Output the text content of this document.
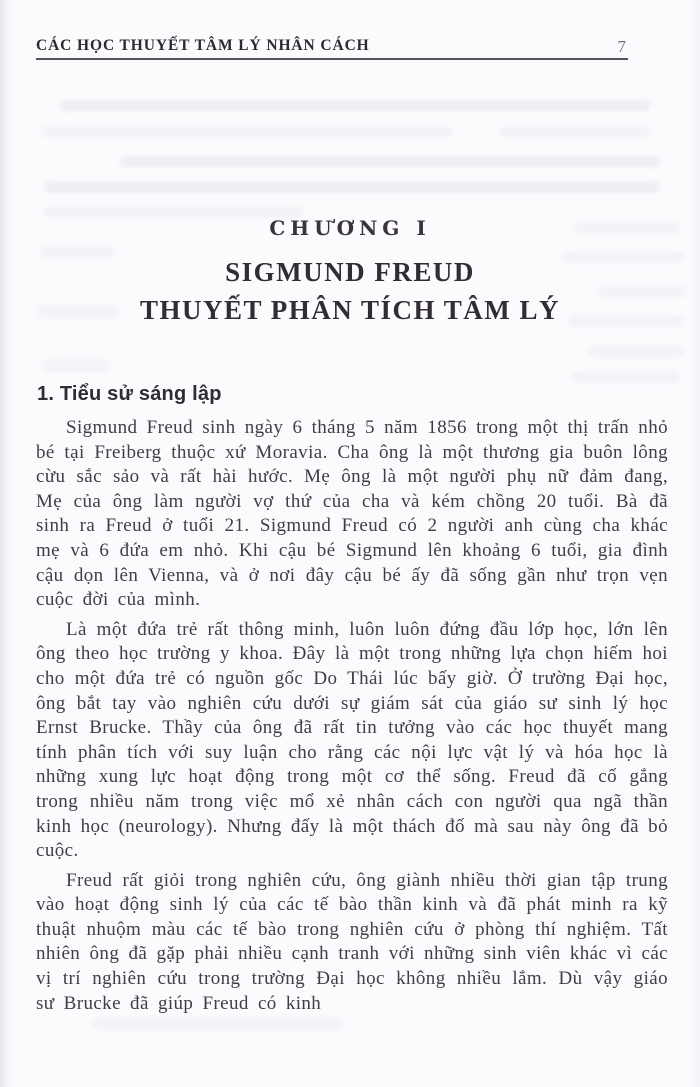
CÁC HỌC THUYẾT TÂM LÝ NHÂN CÁCH	7
CHƯƠNG I
SIGMUND FREUD
THUYẾT PHÂN TÍCH TÂM LÝ
1. Tiểu sử sáng lập

Sigmund Freud sinh ngày 6 tháng 5 năm 1856 trong một thị trấn nhỏ bé tại Freiberg thuộc xứ Moravia. Cha ông là một thương gia buôn lông cừu sắc sảo và rất hài hước. Mẹ ông là một người phụ nữ đảm đang, Mẹ của ông làm người vợ thứ của cha và kém chồng 20 tuổi. Bà đã sinh ra Freud ở tuổi 21. Sigmund Freud có 2 người anh cùng cha khác mẹ và 6 đứa em nhỏ. Khi cậu bé Sigmund lên khoảng 6 tuổi, gia đình cậu dọn lên Vienna, và ở nơi đây cậu bé ấy đã sống gần như trọn vẹn cuộc đời của mình.

Là một đứa trẻ rất thông minh, luôn luôn đứng đầu lớp học, lớn lên ông theo học trường y khoa. Đây là một trong những lựa chọn hiếm hoi cho một đứa trẻ có nguồn gốc Do Thái lúc bấy giờ. Ở trường Đại học, ông bắt tay vào nghiên cứu dưới sự giám sát của giáo sư sinh lý học Ernst Brucke. Thầy của ông đã rất tin tưởng vào các học thuyết mang tính phân tích với suy luận cho rằng các nội lực vật lý và hóa học là những xung lực hoạt động trong một cơ thể sống. Freud đã cố gắng trong nhiều năm trong việc mổ xẻ nhân cách con người qua ngã thần kinh học (neurology). Nhưng đấy là một thách đố mà sau này ông đã bỏ cuộc.

Freud rất giỏi trong nghiên cứu, ông giành nhiều thời gian tập trung vào hoạt động sinh lý của các tế bào thần kinh và đã phát minh ra kỹ thuật nhuộm màu các tế bào trong nghiên cứu ở phòng thí nghiệm. Tất nhiên ông đã gặp phải nhiều cạnh tranh với những sinh viên khác vì các vị trí nghiên cứu trong trường Đại học không nhiều lắm. Dù vậy giáo sư Brucke đã giúp Freud có kinh
